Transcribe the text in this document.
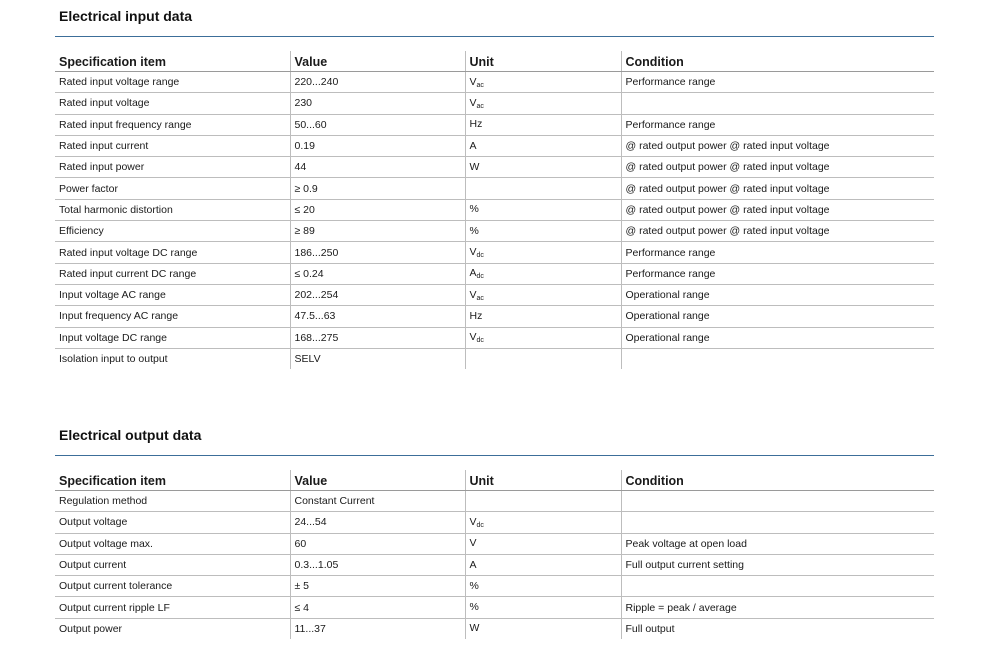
Electrical input data
Specification item	Value	Unit	Condition
Rated input voltage range	220...240	$V_{ac}$	Performance range
Rated input voltage	230	$V_{ac}$	
Rated input frequency range	50...60	Hz	Performance range
Rated input current	0.19	A	@ rated output power @ rated input voltage
Rated input power	44	W	@ rated output power @ rated input voltage
Power factor	≥ 0.9		@ rated output power @ rated input voltage
Total harmonic distortion	≤ 20	%	@ rated output power @ rated input voltage
Efficiency	≥ 89	%	@ rated output power @ rated input voltage
Rated input voltage DC range	186...250	$V_{dc}$	Performance range
Rated input current DC range	≤ 0.24	$A_{dc}$	Performance range
Input voltage AC range	202...254	$V_{ac}$	Operational range
Input frequency AC range	47.5...63	Hz	Operational range
Input voltage DC range	168...275	$V_{dc}$	Operational range
Isolation input to output	SELV		
Electrical output data
Specification item	Value	Unit	Condition
Regulation method	Constant Current		
Output voltage	24...54	$V_{dc}$	
Output voltage max.	60	V	Peak voltage at open load
Output current	0.3...1.05	A	Full output current setting
Output current tolerance	± 5	%	
Output current ripple LF	≤ 4	%	Ripple = peak / average
Output power	11...37	W	Full output
